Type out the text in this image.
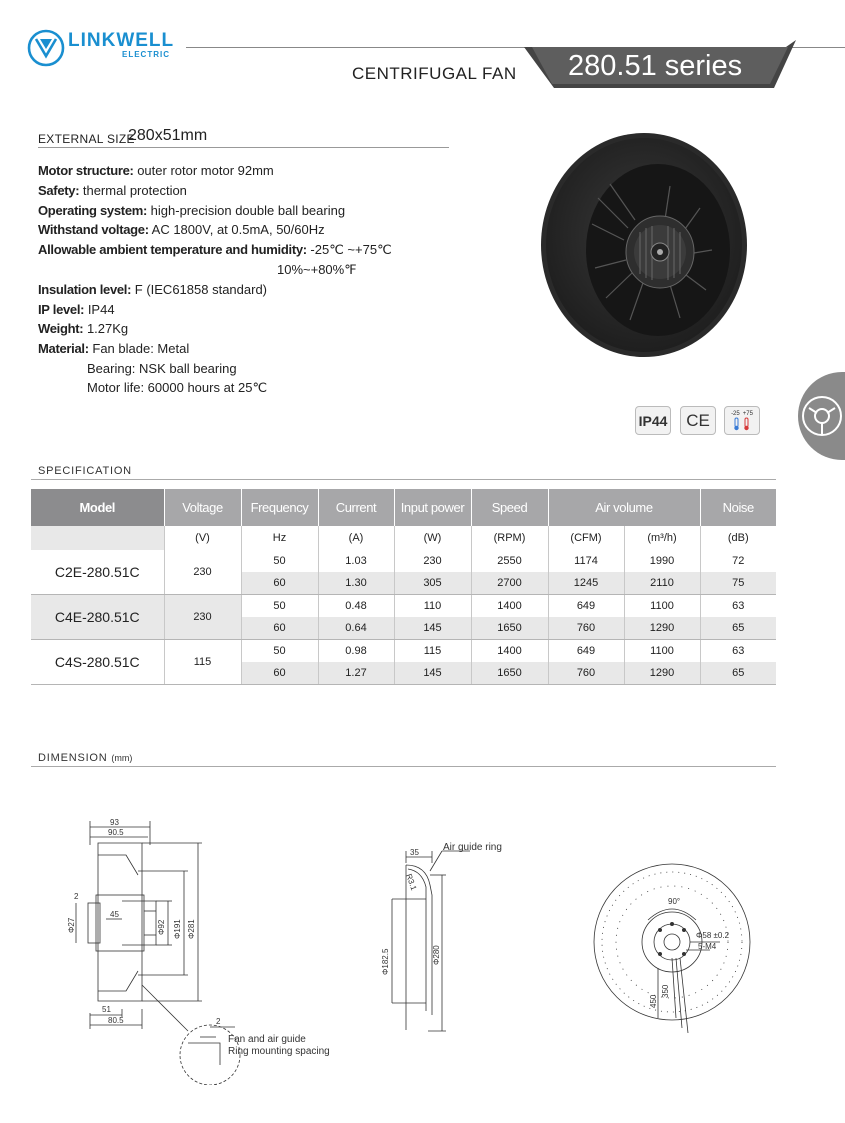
LINKWELL
ELECTRIC
CENTRIFUGAL FAN 280.51 series
EXTERNAL SIZE
280x51mm
Motor structure: outer rotor motor 92mm
Safety: thermal protection
Operating system: high-precision double ball bearing
Withstand voltage: AC 1800V, at 0.5mA, 50/60Hz
Allowable ambient temperature and humidity: -25℃ ~+75℃
10%~+80%℉
Insulation level: F (IEC61858 standard)
IP level: IP44
Weight: 1.27Kg
Material: Fan blade: Metal
Bearing: NSK ball bearing
Motor life: 60000 hours at 25℃
IP44	CE	-25 +75
SPECIFICATION
Model	Voltage	Frequency	Current	Input power	Speed	Air volume		Noise
	(V)	Hz	(A)	(W)	(RPM)	(CFM)	(m³/h)	(dB)
C2E-280.51C	230	50	1.03	230	2550	1174	1990	72
		60	1.30	305	2700	1245	2110	75
C4E-280.51C	230	50	0.48	110	1400	649	1100	63
		60	0.64	145	1650	760	1290	65
C4S-280.51C	115	50	0.98	115	1400	649	1100	63
		60	1.27	145	1650	760	1290	65
DIMENSION (mm)
93
90.5
2
Φ27
45
Φ92 Φ191 Φ281
51
80.5	2
Fan and air guide
Ring mounting spacing
35
R3.1
Φ182.5	Φ280
Air guide ring
90°
Φ58 ±0.2
5-M4
450
350
